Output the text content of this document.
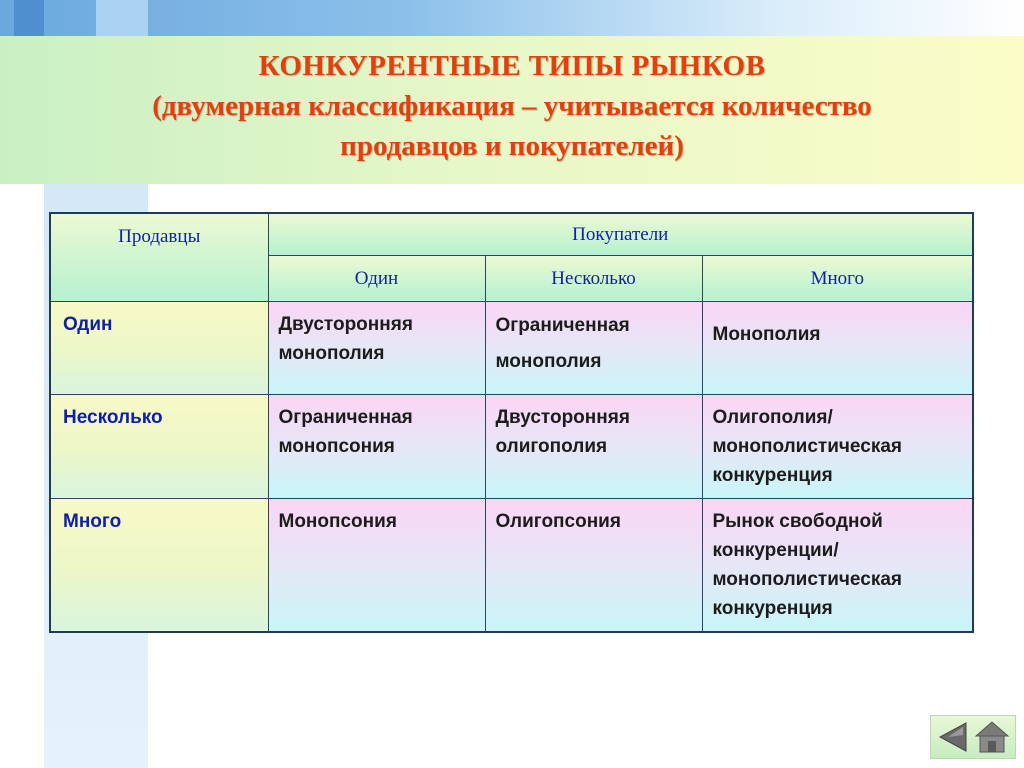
КОНКУРЕНТНЫЕ ТИПЫ РЫНКОВ
(двумерная классификация – учитывается количество
продавцов и покупателей)
Продавцы	Покупатели		
	Один	Несколько	Много
Один	Двусторонняя монополия	Ограниченная монополия	Монополия
Несколько	Ограниченная монопсония	Двусторонняя олигополия	Олигополия/монополистическая конкуренция
Много	Монопсония	Олигопсония	Рынок свободной конкуренции/монополистическая конкуренция
